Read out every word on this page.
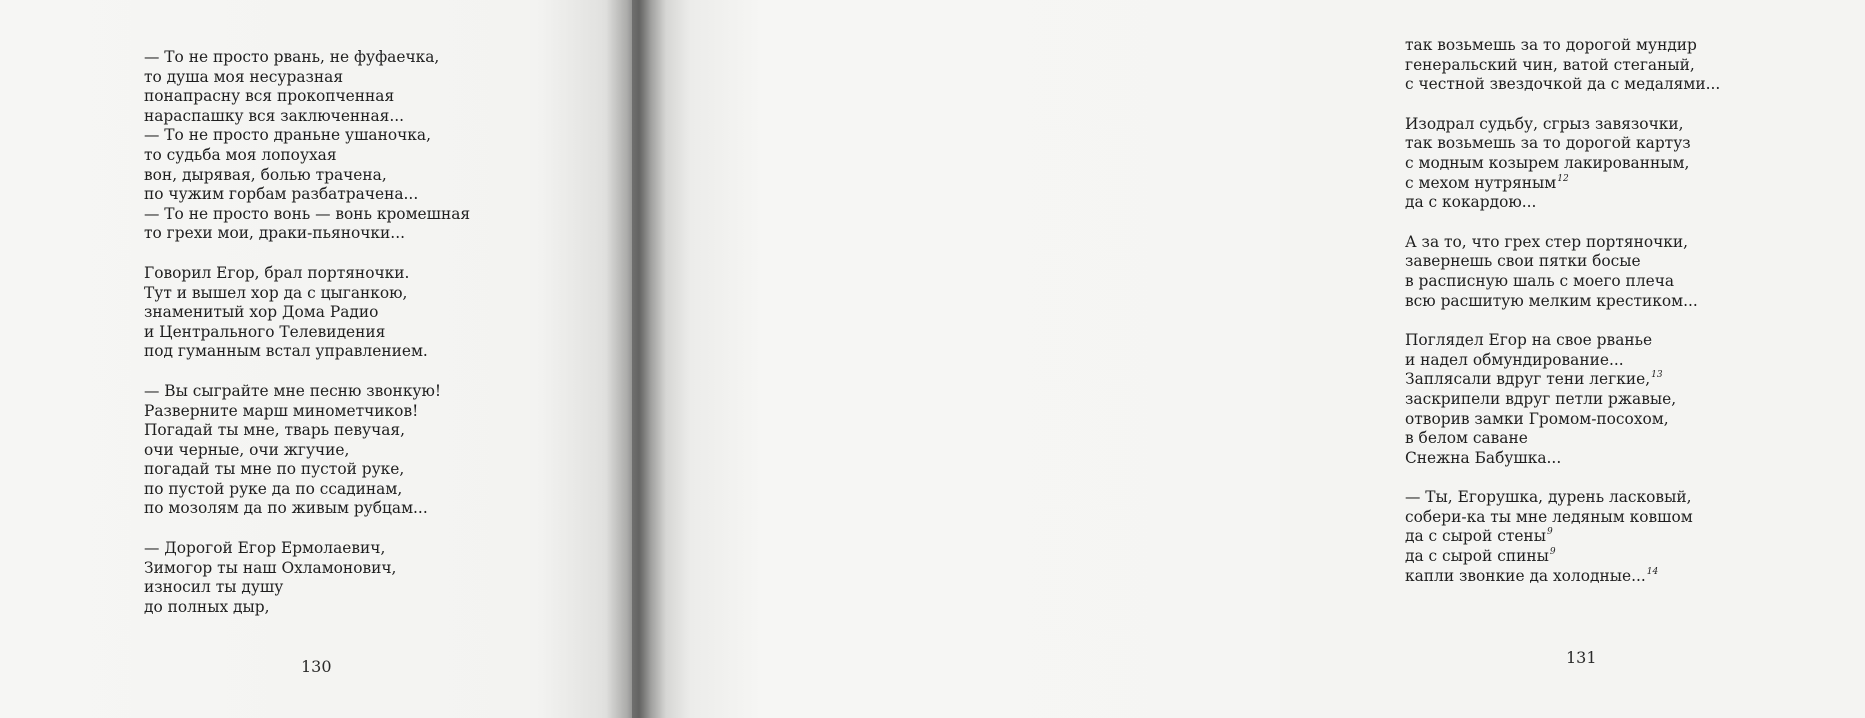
— То не просто рвань, не фуфаечка,
то душа моя несуразная
понапрасну вся прокопченная
нараспашку вся заключенная...
— То не просто драньне ушаночка,
то судьба моя лопоухая
вон, дырявая, болью трачена,
по чужим горбам разбатрачена...
— То не просто вонь — вонь кромешная
то грехи мои, драки-пьяночки...
Говорил Егор, брал портяночки.
Тут и вышел хор да с цыганкою,
знаменитый хор Дома Радио
и Центрального Телевидения
под гуманным встал управлением.
— Вы сыграйте мне песню звонкую!
Разверните марш минометчиков!
Погадай ты мне, тварь певучая,
очи черные, очи жгучие,
погадай ты мне по пустой руке,
по пустой руке да по ссадинам,
по мозолям да по живым рубцам...
— Дорогой Егор Ермолаевич,
Зимогор ты наш Охламонович,
износил ты душу
до полных дыр,
130
так возьмешь за то дорогой мундир
генеральский чин, ватой стеганый,
с честной звездочкой да с медалями...
Изодрал судьбу, сгрыз завязочки,
так возьмешь за то дорогой картуз
с модным козырем лакированным,
с мехом нутряным$^{12}$
да с кокардою...
А за то, что грех стер портяночки,
завернешь свои пятки босые
в расписную шаль с моего плеча
всю расшитую мелким крестиком...
Поглядел Егор на свое рванье
и надел обмундирование...
Заплясали вдруг тени легкие,$^{13}$
заскрипели вдруг петли ржавые,
отворив замки Громом-посохом,
в белом саване
Снежна Бабушка...
— Ты, Егорушка, дурень ласковый,
собери-ка ты мне ледяным ковшом
да с сырой стены$^9$
да с сырой спины$^9$
капли звонкие да холодные...$^{14}$
131
